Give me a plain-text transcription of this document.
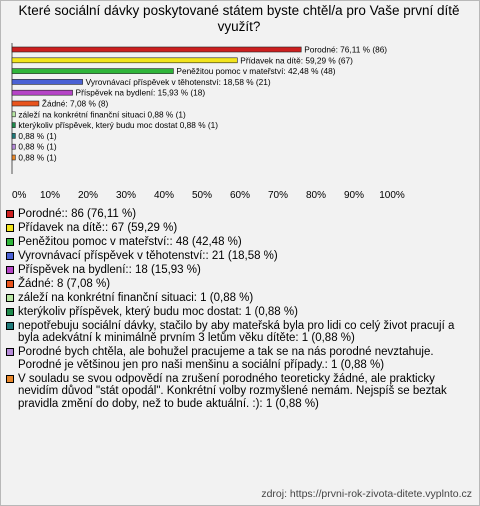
Které sociální dávky poskytované státem byste chtěl/a pro Vaše první dítě využít?
Porodné: 76,11 % (86)
Přídavek na dítě: 59,29 % (67)
Peněžitou pomoc v mateřství: 42,48 % (48)
Vyrovnávací příspěvek v těhotenství: 18,58 % (21)
Příspěvek na bydlení: 15,93 % (18)
Žádné: 7,08 % (8)
záleží na konkrétní finanční situaci 0,88 % (1)
kterýkoliv příspěvek, který budu moc dostat 0,88 % (1)
0,88 % (1)
0,88 % (1)
0,88 % (1)
0% 10% 20% 30% 40% 50% 60% 70% 80% 90% 100%
Porodné:: 86 (76,11 %)
Přídavek na dítě:: 67 (59,29 %)
Peněžitou pomoc v mateřství:: 48 (42,48 %)
Vyrovnávací příspěvek v těhotenství:: 21 (18,58 %)
Příspěvek na bydlení:: 18 (15,93 %)
Žádné: 8 (7,08 %)
záleží na konkrétní finanční situaci: 1 (0,88 %)
kterýkoliv příspěvek, který budu moc dostat: 1 (0,88 %)
nepotřebuju sociální dávky, stačilo by aby mateřská byla pro lidi co celý život pracují a byla adekvátní k minimálně prvním 3 letům věku dítěte: 1 (0,88 %)
Porodné bych chtěla, ale bohužel pracujeme a tak se na nás porodné nevztahuje. Porodné je většinou jen pro naši menšinu a sociální případy.: 1 (0,88 %)
V souladu se svou odpovědí na zrušení porodného teoreticky žádné, ale prakticky nevidím důvod "stát opodál". Konkrétní volby rozmyšlené nemám. Nejspíš se beztak pravidla změní do doby, než to bude aktuální. :): 1 (0,88 %)
zdroj: https://prvni-rok-zivota-ditete.vyplnto.cz
